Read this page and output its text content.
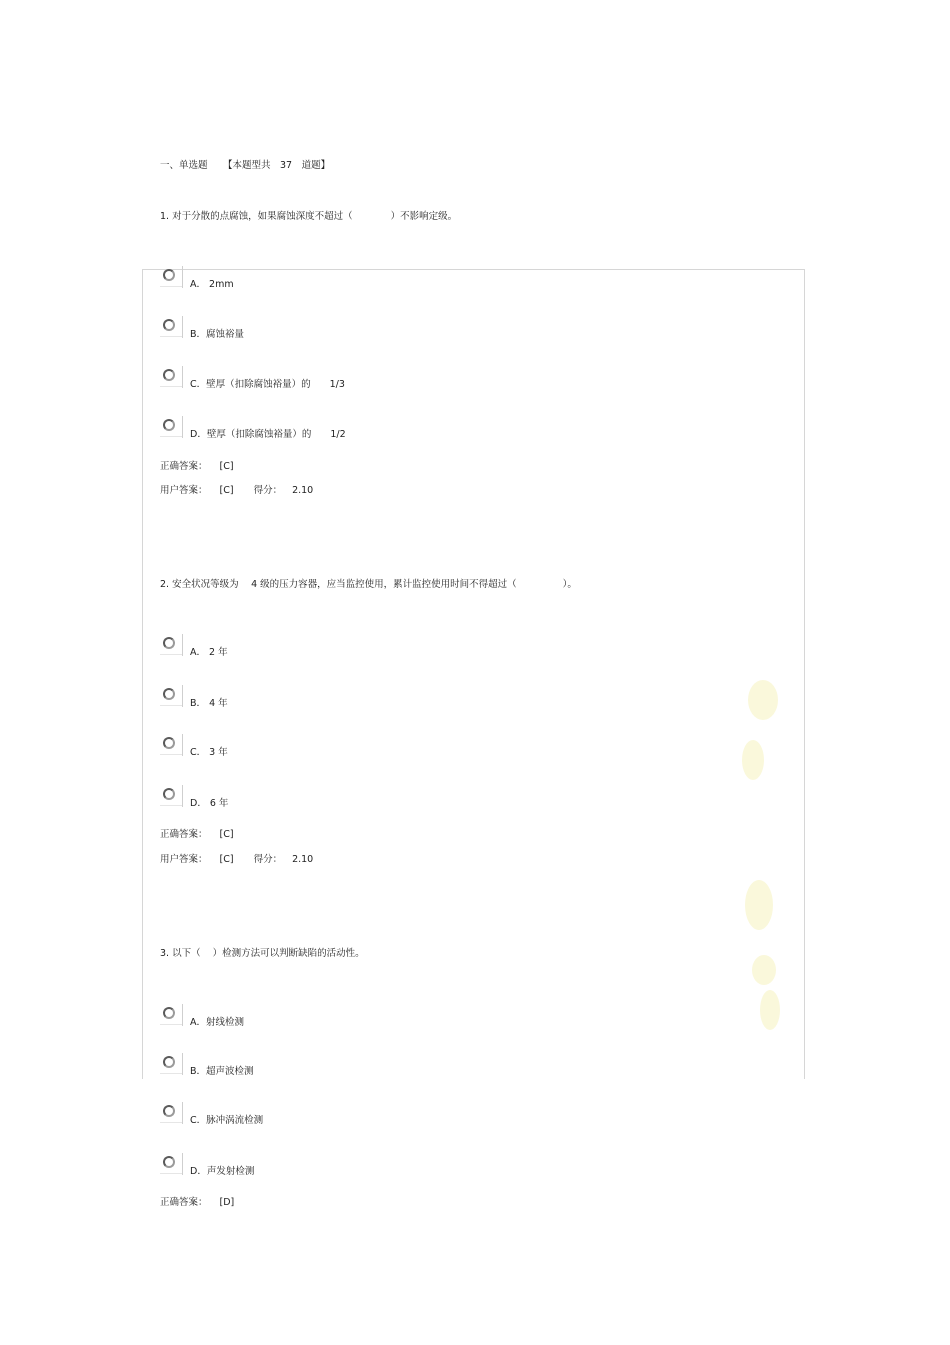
一、单选题 【本题型共　37　道题】
1. 对于分散的点腐蚀，如果腐蚀深度不超过（	）不影响定级。
A． 2mm
B．腐蚀裕量
C．壁厚（扣除腐蚀裕量）的　　1/3
D．壁厚（扣除腐蚀裕量）的　　1/2
正确答案： [C]
用户答案： [C] 得分： 2.10
2. 安全状况等级为　 4 级的压力容器，应当监控使用，累计监控使用时间不得超过（	）。
A． 2 年
B． 4 年
C． 3 年
D． 6 年
正确答案： [C]
用户答案： [C] 得分： 2.10
3. 以下（ ）检测方法可以判断缺陷的活动性。
A．射线检测
B．超声波检测
C．脉冲涡流检测
D．声发射检测
正确答案： [D]
